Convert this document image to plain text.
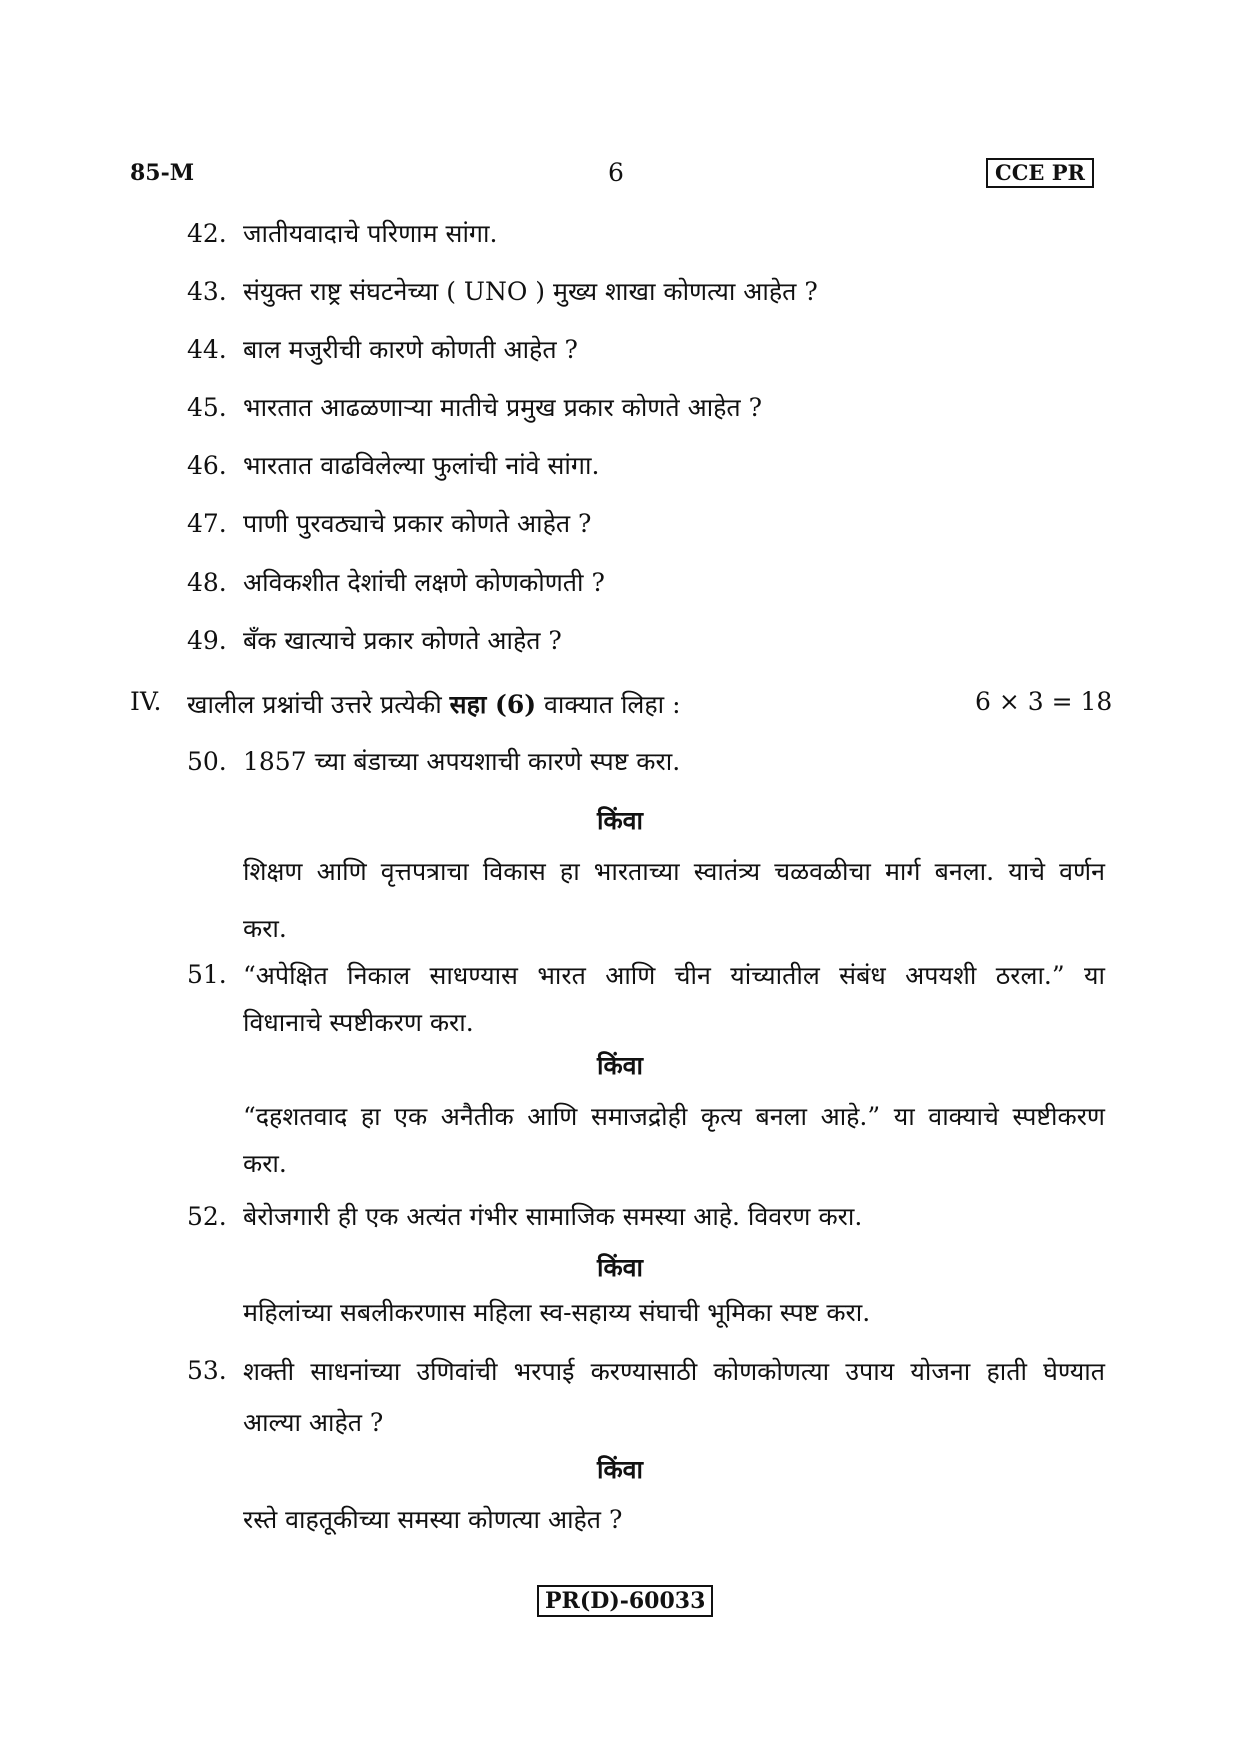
85-M	6	CCE PR
42. जातीयवादाचे परिणाम सांगा.
43. संयुक्त राष्ट्र संघटनेच्या ( UNO ) मुख्य शाखा कोणत्या आहेत ?
44. बाल मजुरीची कारणे कोणती आहेत ?
45. भारतात आढळणाऱ्या मातीचे प्रमुख प्रकार कोणते आहेत ?
46. भारतात वाढविलेल्या फुलांची नांवे सांगा.
47. पाणी पुरवठ्याचे प्रकार कोणते आहेत ?
48. अविकशीत देशांची लक्षणे कोणकोणती ?
49. बँक खात्याचे प्रकार कोणते आहेत ?
IV. खालील प्रश्नांची उत्तरे प्रत्येकी सहा (6) वाक्यात लिहा :	6 × 3 = 18
50. 1857 च्या बंडाच्या अपयशाची कारणे स्पष्ट करा.
किंवा
शिक्षण आणि वृत्तपत्राचा विकास हा भारताच्या स्वातंत्र्य चळवळीचा मार्ग बनला. याचे वर्णन
करा.
51. “अपेक्षित निकाल साधण्यास भारत आणि चीन यांच्यातील संबंध अपयशी ठरला.” या
विधानाचे स्पष्टीकरण करा.
किंवा
“दहशतवाद हा एक अनैतीक आणि समाजद्रोही कृत्य बनला आहे.” या वाक्याचे स्पष्टीकरण
करा.
52. बेरोजगारी ही एक अत्यंत गंभीर सामाजिक समस्या आहे. विवरण करा.
किंवा
महिलांच्या सबलीकरणास महिला स्व-सहाय्य संघाची भूमिका स्पष्ट करा.
53. शक्ती साधनांच्या उणिवांची भरपाई करण्यासाठी कोणकोणत्या उपाय योजना हाती घेण्यात
आल्या आहेत ?
किंवा
रस्ते वाहतूकीच्या समस्या कोणत्या आहेत ?
PR(D)-60033
